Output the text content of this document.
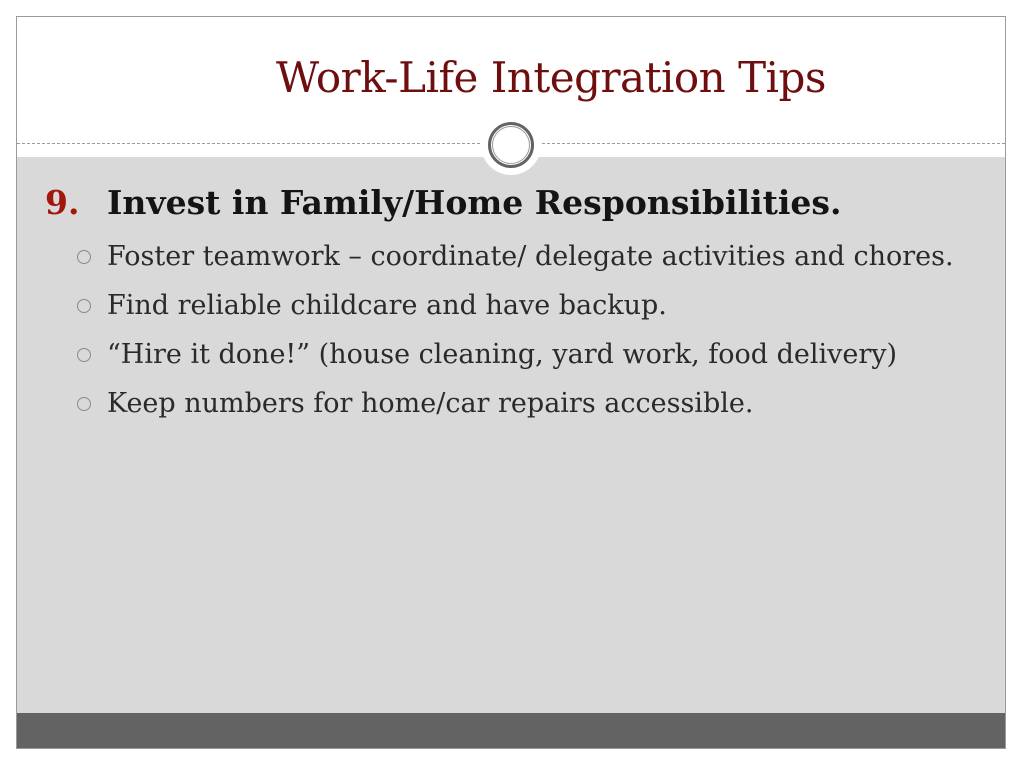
Work-Life Integration Tips
9. Invest in Family/Home Responsibilities.
Foster teamwork – coordinate/ delegate activities and chores.
Find reliable childcare and have backup.
“Hire it done!” (house cleaning, yard work, food delivery)
Keep numbers for home/car repairs accessible.
